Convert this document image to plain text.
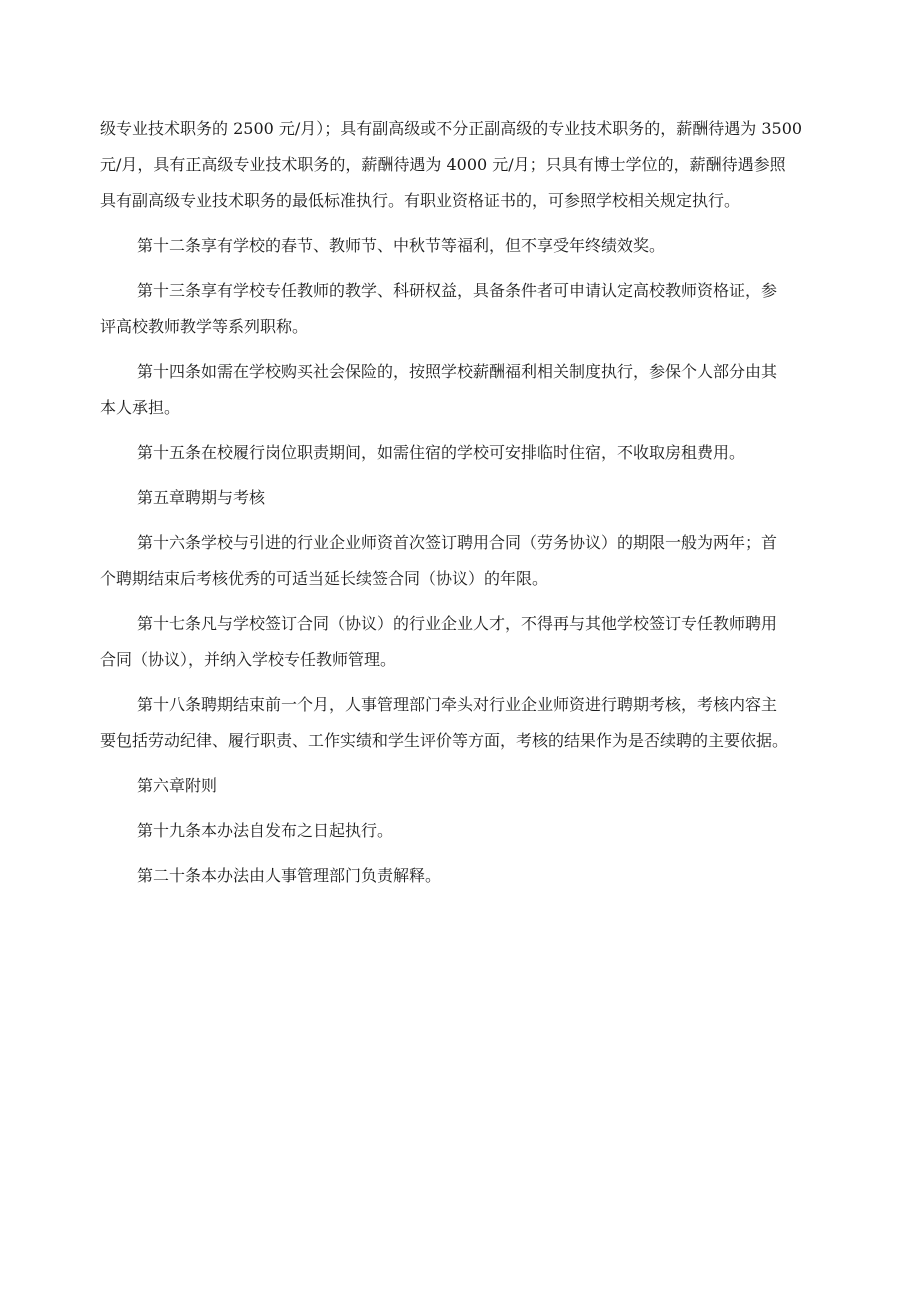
级专业技术职务的 2500 元/月）；具有副高级或不分正副高级的专业技术职务的，薪酬待遇为 3500
元/月，具有正高级专业技术职务的，薪酬待遇为 4000 元/月；只具有博士学位的，薪酬待遇参照
具有副高级专业技术职务的最低标准执行。有职业资格证书的，可参照学校相关规定执行。

第十二条享有学校的春节、教师节、中秋节等福利，但不享受年终绩效奖。

第十三条享有学校专任教师的教学、科研权益，具备条件者可申请认定高校教师资格证，参
评高校教师教学等系列职称。

第十四条如需在学校购买社会保险的，按照学校薪酬福利相关制度执行，参保个人部分由其
本人承担。

第十五条在校履行岗位职责期间，如需住宿的学校可安排临时住宿，不收取房租费用。

第五章聘期与考核

第十六条学校与引进的行业企业师资首次签订聘用合同（劳务协议）的期限一般为两年；首
个聘期结束后考核优秀的可适当延长续签合同（协议）的年限。

第十七条凡与学校签订合同（协议）的行业企业人才，不得再与其他学校签订专任教师聘用
合同（协议），并纳入学校专任教师管理。

第十八条聘期结束前一个月，人事管理部门牵头对行业企业师资进行聘期考核，考核内容主
要包括劳动纪律、履行职责、工作实绩和学生评价等方面，考核的结果作为是否续聘的主要依据。

第六章附则

第十九条本办法自发布之日起执行。

第二十条本办法由人事管理部门负责解释。
